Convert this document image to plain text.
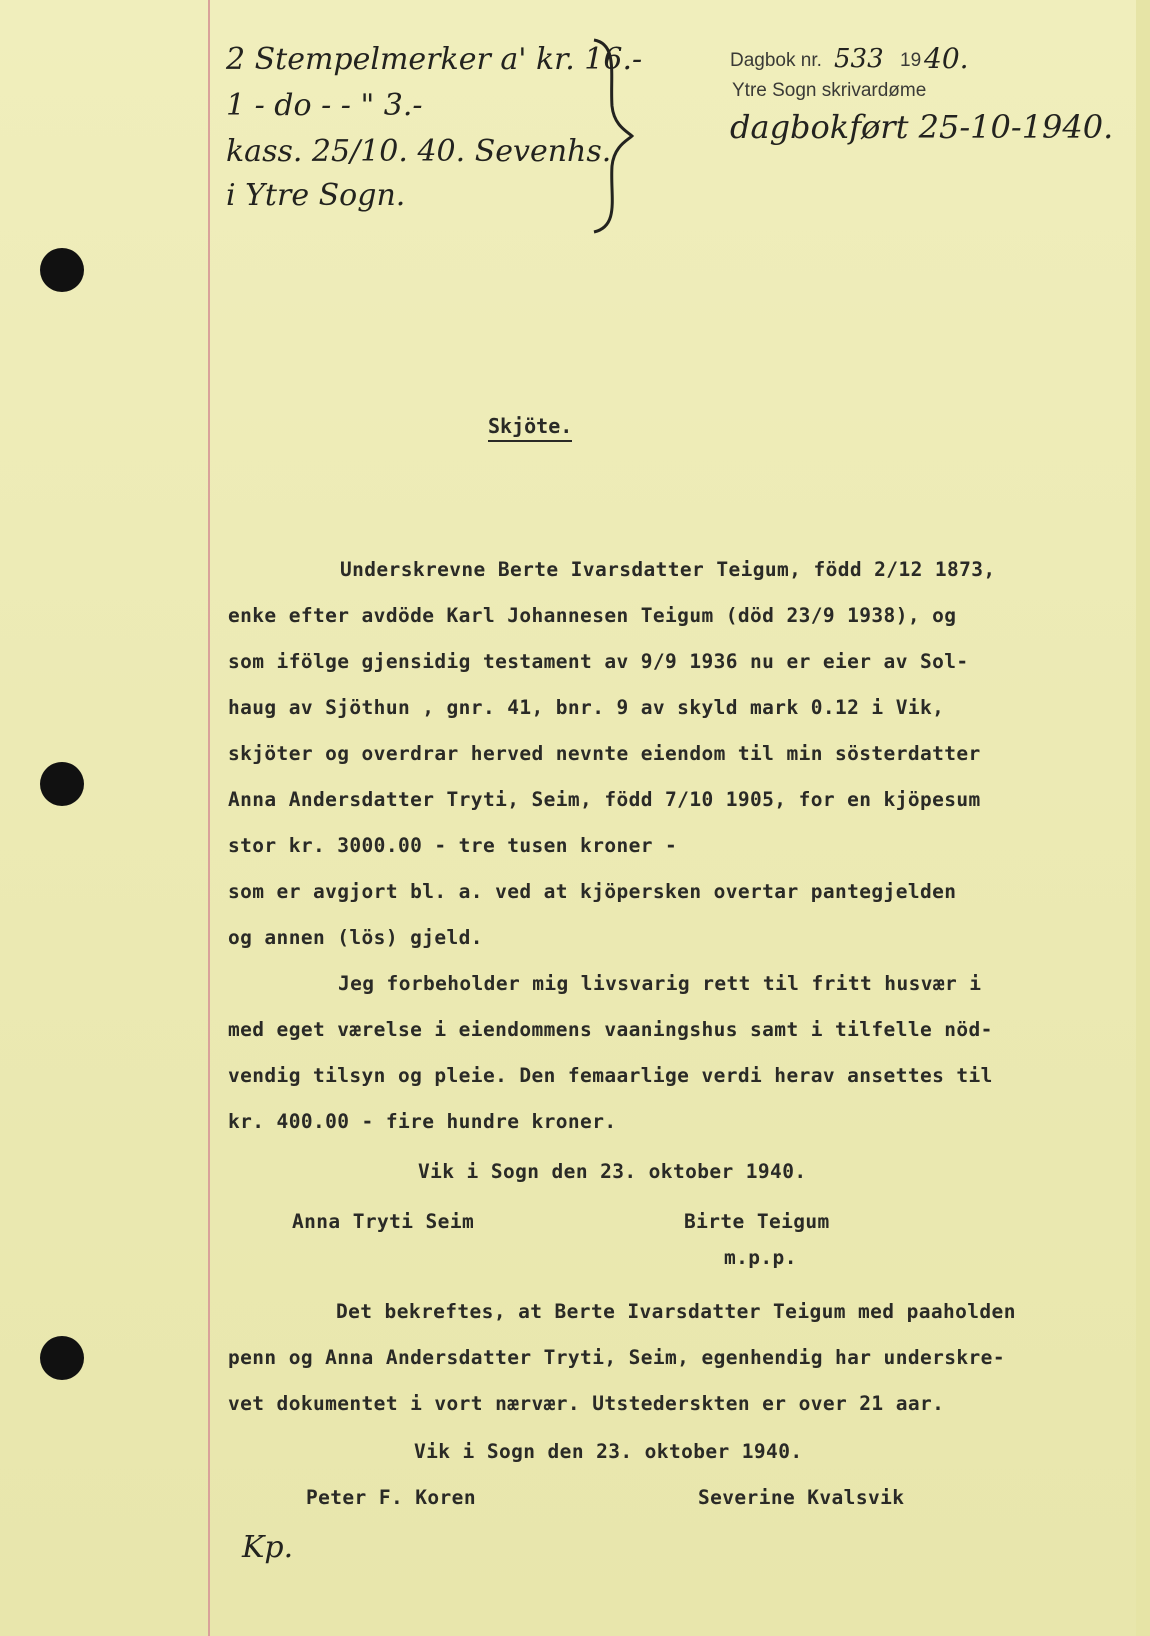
2 Stempelmerker a' kr. 16.-
1 - do - - " 3.-
kass. 25/10. 40. Sevenhs.
i Ytre Sogn.
Dagbok nr. 533 19 40.
Ytre Sogn skrivardøme
dagbokført 25-10-1940.
Skjöte.
Underskrevne Berte Ivarsdatter Teigum, född 2/12 1873,
enke efter avdöde Karl Johannesen Teigum (död 23/9 1938), og
som ifölge gjensidig testament av 9/9 1936 nu er eier av Sol-
haug av Sjöthun , gnr. 41, bnr. 9 av skyld mark 0.12 i Vik,
skjöter og overdrar herved nevnte eiendom til min sösterdatter
Anna Andersdatter Tryti, Seim, född 7/10 1905, for en kjöpesum
stor kr. 3000.00 - tre tusen kroner -
som er avgjort bl. a. ved at kjöpersken overtar pantegjelden
og annen (lös) gjeld.
Jeg forbeholder mig livsvarig rett til fritt husvær i
med eget værelse i eiendommens vaaningshus samt i tilfelle nöd-
vendig tilsyn og pleie. Den femaarlige verdi herav ansettes til
kr. 400.00 - fire hundre kroner.
Vik i Sogn den 23. oktober 1940.
Anna Tryti Seim	Birte Teigum
m.p.p.
Det bekreftes, at Berte Ivarsdatter Teigum med paaholden
penn og Anna Andersdatter Tryti, Seim, egenhendig har underskre-
vet dokumentet i vort nærvær. Utstederskten er over 21 aar.
Vik i Sogn den 23. oktober 1940.
Peter F. Koren	Severine Kvalsvik
Kp.
